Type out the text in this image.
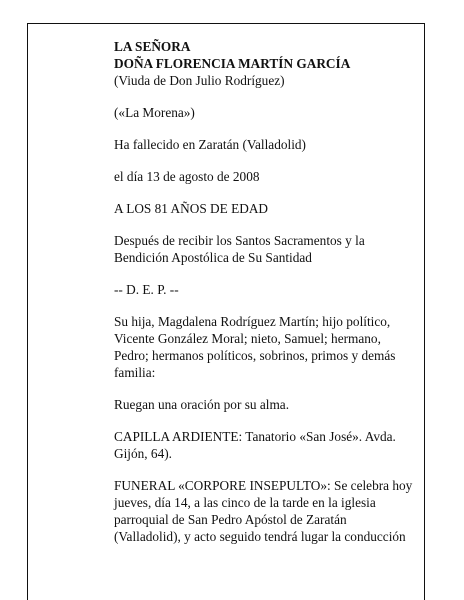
LA SEÑORA

DOÑA FLORENCIA MARTÍN GARCÍA

(Viuda de Don Julio Rodríguez)

(«La Morena»)

Ha fallecido en Zaratán (Valladolid)

el día 13 de agosto de 2008

A LOS 81 AÑOS DE EDAD

Después de recibir los Santos Sacramentos y la

Bendición Apostólica de Su Santidad

-- D. E. P. --

Su hija, Magdalena Rodríguez Martín; hijo político,

Vicente González Moral; nieto, Samuel; hermano,

Pedro; hermanos políticos, sobrinos, primos y demás

familia:

Ruegan una oración por su alma.

CAPILLA ARDIENTE: Tanatorio «San José». Avda.

Gijón, 64).

FUNERAL «CORPORE INSEPULTO»: Se celebra hoy

jueves, día 14, a las cinco de la tarde en la iglesia

parroquial de San Pedro Apóstol de Zaratán

(Valladolid), y acto seguido tendrá lugar la conducción
